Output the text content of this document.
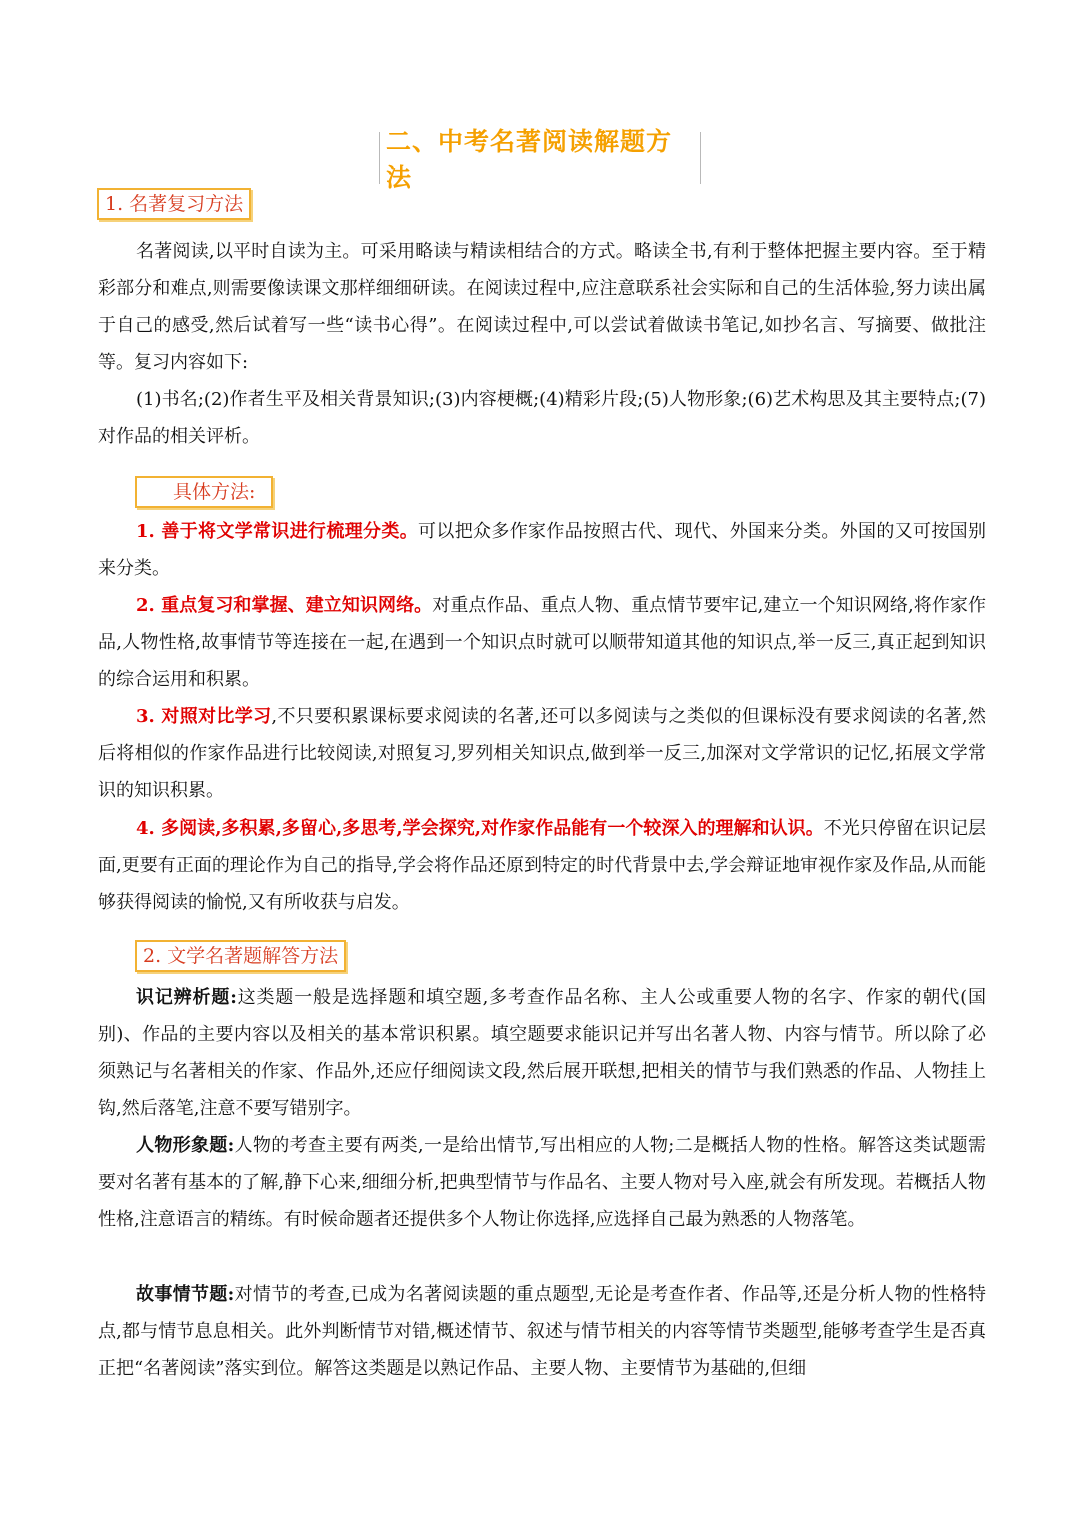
二、中考名著阅读解题方法
1. 名著复习方法

名著阅读,以平时自读为主。可采用略读与精读相结合的方式。略读全书,有利于整体把握主要内容。至于精彩部分和难点,则需要像读课文那样细细研读。在阅读过程中,应注意联系社会实际和自己的生活体验,努力读出属于自己的感受,然后试着写一些“读书心得”。在阅读过程中,可以尝试着做读书笔记,如抄名言、写摘要、做批注等。复习内容如下:

(1)书名;(2)作者生平及相关背景知识;(3)内容梗概;(4)精彩片段;(5)人物形象;(6)艺术构思及其主要特点;(7)对作品的相关评析。

具体方法:

1. 善于将文学常识进行梳理分类。可以把众多作家作品按照古代、现代、外国来分类。外国的又可按国别来分类。

2. 重点复习和掌握、建立知识网络。对重点作品、重点人物、重点情节要牢记,建立一个知识网络,将作家作品,人物性格,故事情节等连接在一起,在遇到一个知识点时就可以顺带知道其他的知识点,举一反三,真正起到知识的综合运用和积累。

3. 对照对比学习,不只要积累课标要求阅读的名著,还可以多阅读与之类似的但课标没有要求阅读的名著,然后将相似的作家作品进行比较阅读,对照复习,罗列相关知识点,做到举一反三,加深对文学常识的记忆,拓展文学常识的知识积累。

4. 多阅读,多积累,多留心,多思考,学会探究,对作家作品能有一个较深入的理解和认识。不光只停留在识记层面,更要有正面的理论作为自己的指导,学会将作品还原到特定的时代背景中去,学会辩证地审视作家及作品,从而能够获得阅读的愉悦,又有所收获与启发。

2. 文学名著题解答方法

识记辨析题:这类题一般是选择题和填空题,多考查作品名称、主人公或重要人物的名字、作家的朝代(国别)、作品的主要内容以及相关的基本常识积累。填空题要求能识记并写出名著人物、内容与情节。所以除了必须熟记与名著相关的作家、作品外,还应仔细阅读文段,然后展开联想,把相关的情节与我们熟悉的作品、人物挂上钩,然后落笔,注意不要写错别字。

人物形象题:人物的考查主要有两类,一是给出情节,写出相应的人物;二是概括人物的性格。解答这类试题需要对名著有基本的了解,静下心来,细细分析,把典型情节与作品名、主要人物对号入座,就会有所发现。若概括人物性格,注意语言的精练。有时候命题者还提供多个人物让你选择,应选择自己最为熟悉的人物落笔。

故事情节题:对情节的考查,已成为名著阅读题的重点题型,无论是考查作者、作品等,还是分析人物的性格特点,都与情节息息相关。此外判断情节对错,概述情节、叙述与情节相关的内容等情节类题型,能够考查学生是否真正把“名著阅读”落实到位。解答这类题是以熟记作品、主要人物、主要情节为基础的,但细
